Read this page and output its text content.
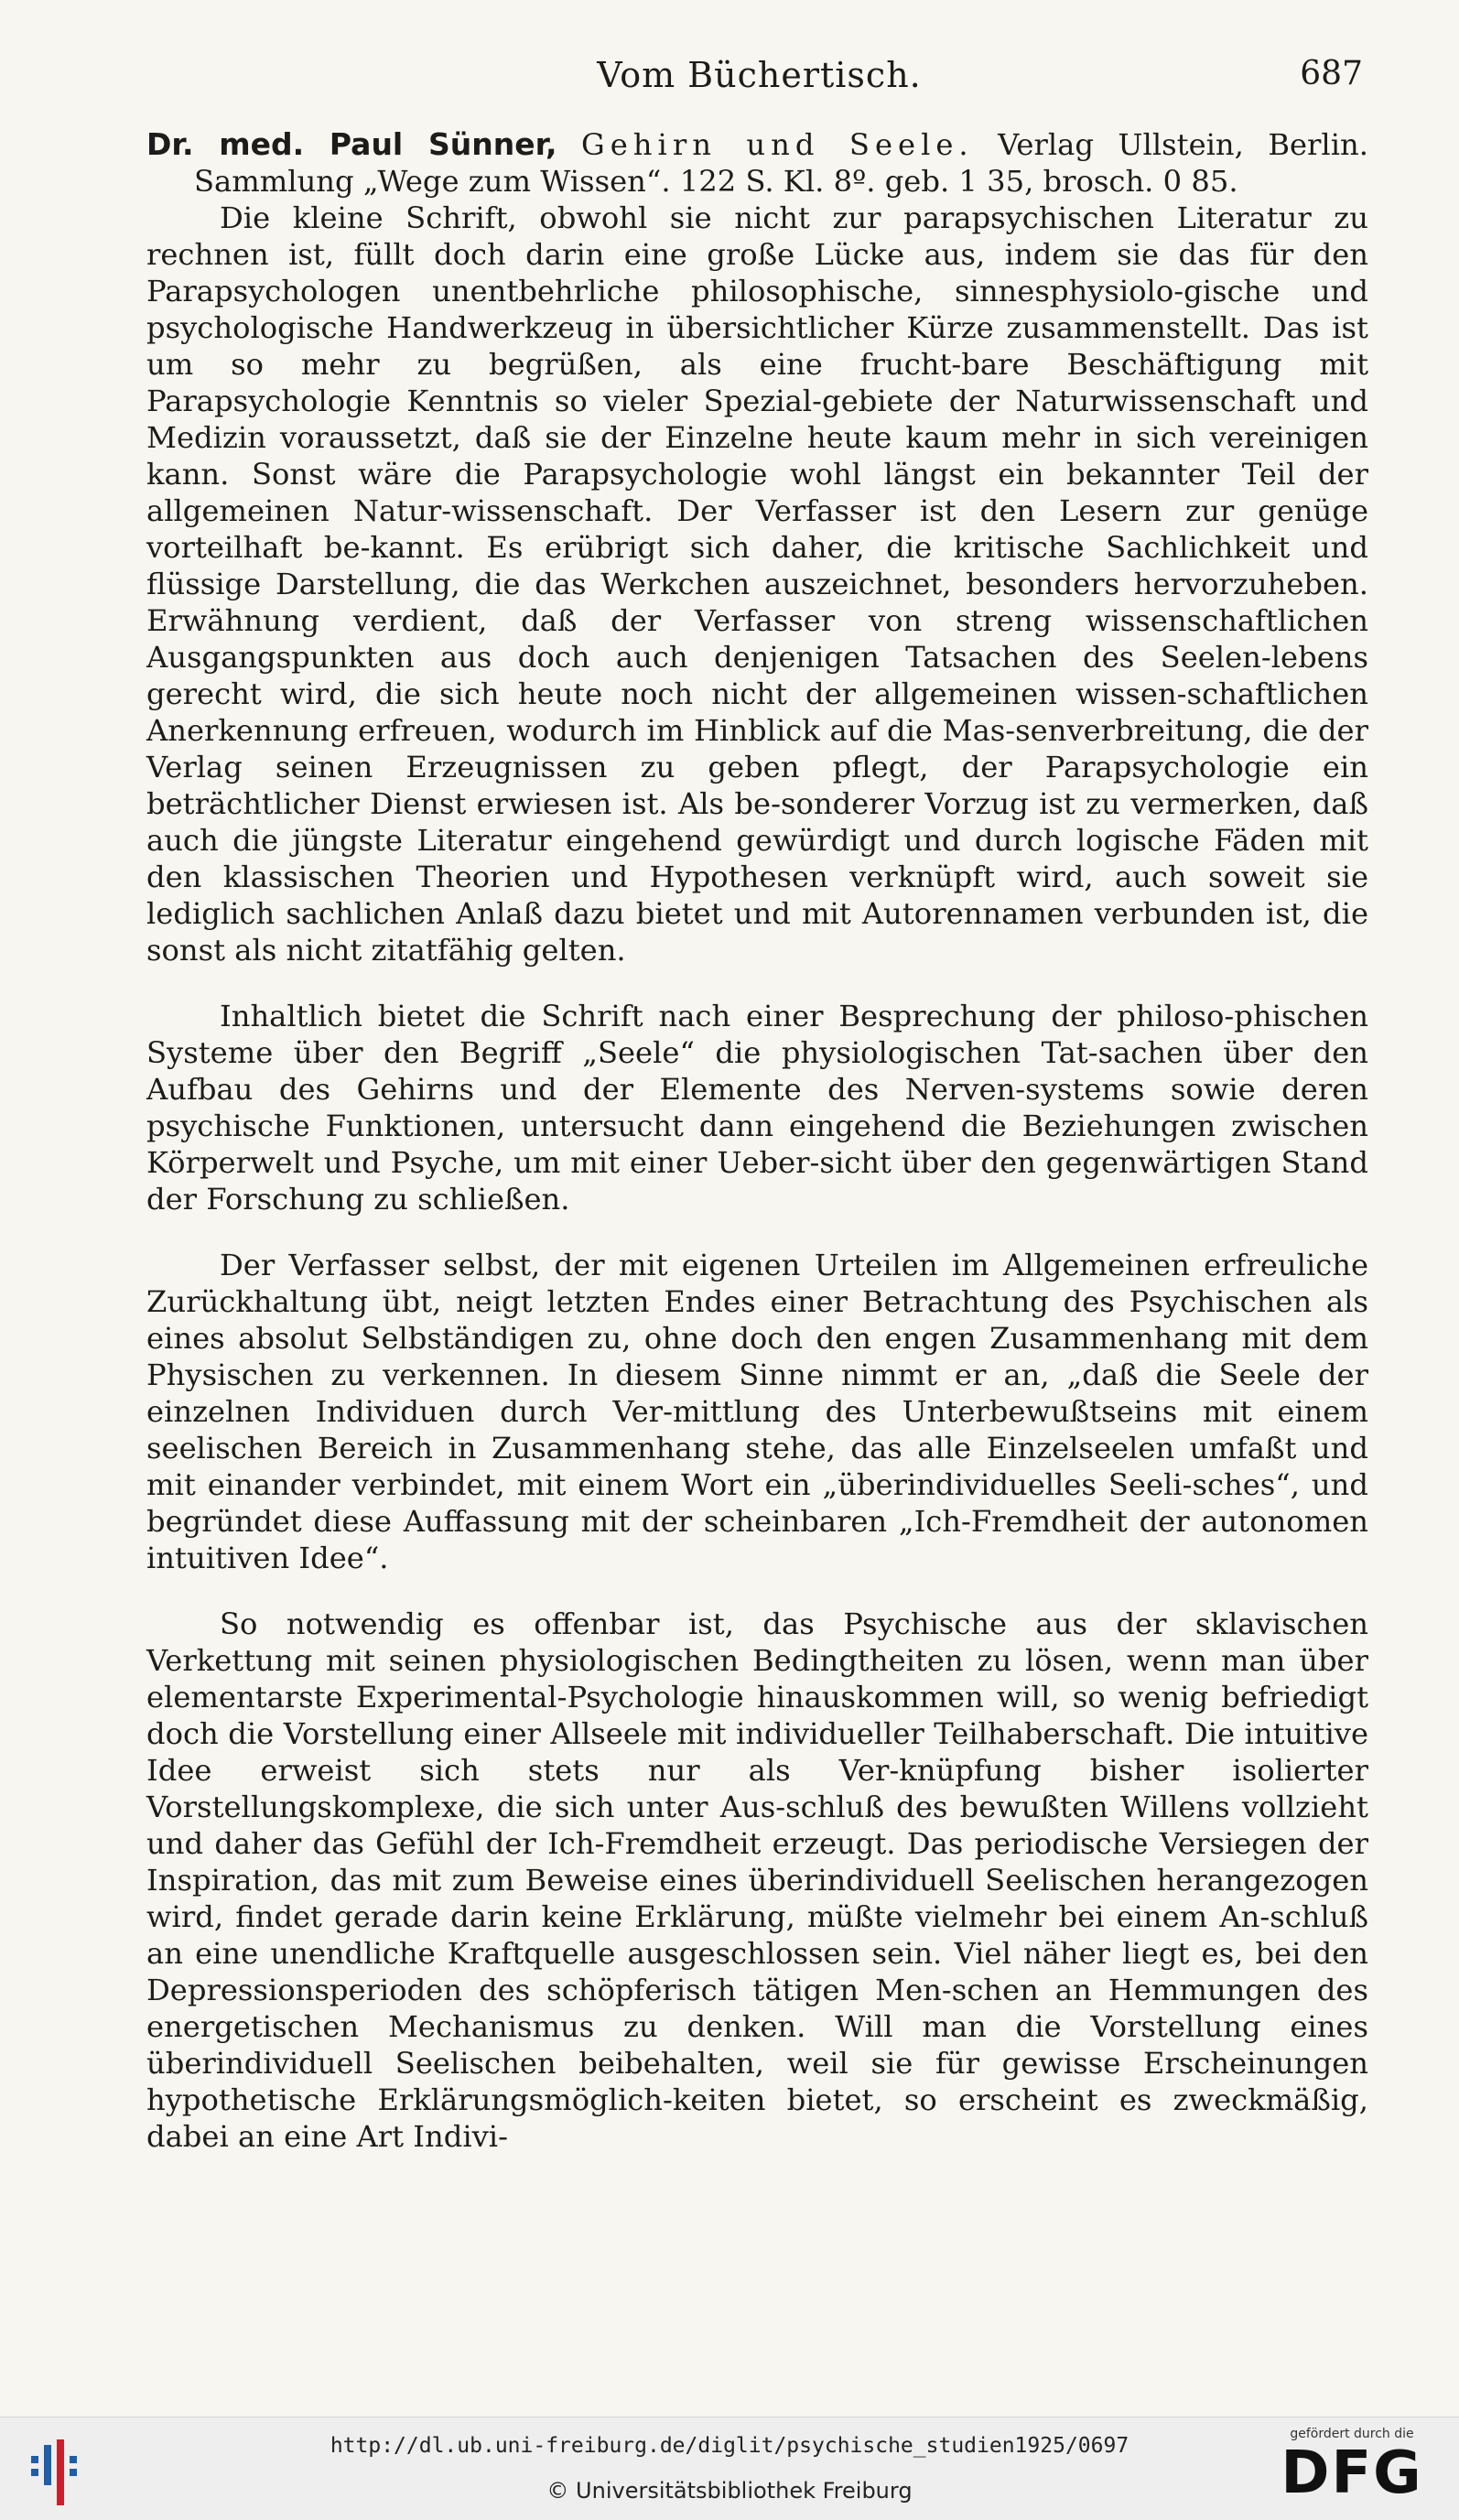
Vom Büchertisch.	687

Dr. med. Paul Sünner, Gehirn und Seele. Verlag Ullstein, Berlin. Sammlung „Wege zum Wissen“. 122 S. Kl. 8º. geb. 1 35, brosch. 0 85.

Die kleine Schrift, obwohl sie nicht zur parapsychischen Literatur zu rechnen ist, füllt doch darin eine große Lücke aus, indem sie das für den Parapsychologen unentbehrliche philosophische, sinnesphysiolo-gische und psychologische Handwerkzeug in übersichtlicher Kürze zusammenstellt. Das ist um so mehr zu begrüßen, als eine frucht-bare Beschäftigung mit Parapsychologie Kenntnis so vieler Spezial-gebiete der Naturwissenschaft und Medizin voraussetzt, daß sie der Einzelne heute kaum mehr in sich vereinigen kann. Sonst wäre die Parapsychologie wohl längst ein bekannter Teil der allgemeinen Natur-wissenschaft. Der Verfasser ist den Lesern zur genüge vorteilhaft be-kannt. Es erübrigt sich daher, die kritische Sachlichkeit und flüssige Darstellung, die das Werkchen auszeichnet, besonders hervorzuheben. Erwähnung verdient, daß der Verfasser von streng wissenschaftlichen Ausgangspunkten aus doch auch denjenigen Tatsachen des Seelen-lebens gerecht wird, die sich heute noch nicht der allgemeinen wissen-schaftlichen Anerkennung erfreuen, wodurch im Hinblick auf die Mas-senverbreitung, die der Verlag seinen Erzeugnissen zu geben pflegt, der Parapsychologie ein beträchtlicher Dienst erwiesen ist. Als be-sonderer Vorzug ist zu vermerken, daß auch die jüngste Literatur eingehend gewürdigt und durch logische Fäden mit den klassischen Theorien und Hypothesen verknüpft wird, auch soweit sie lediglich sachlichen Anlaß dazu bietet und mit Autorennamen verbunden ist, die sonst als nicht zitatfähig gelten.

Inhaltlich bietet die Schrift nach einer Besprechung der philoso-phischen Systeme über den Begriff „Seele“ die physiologischen Tat-sachen über den Aufbau des Gehirns und der Elemente des Nerven-systems sowie deren psychische Funktionen, untersucht dann eingehend die Beziehungen zwischen Körperwelt und Psyche, um mit einer Ueber-sicht über den gegenwärtigen Stand der Forschung zu schließen.

Der Verfasser selbst, der mit eigenen Urteilen im Allgemeinen erfreuliche Zurückhaltung übt, neigt letzten Endes einer Betrachtung des Psychischen als eines absolut Selbständigen zu, ohne doch den engen Zusammenhang mit dem Physischen zu verkennen. In diesem Sinne nimmt er an, „daß die Seele der einzelnen Individuen durch Ver-mittlung des Unterbewußtseins mit einem seelischen Bereich in Zusammenhang stehe, das alle Einzelseelen umfaßt und mit einander verbindet, mit einem Wort ein „überindividuelles Seeli-sches“, und begründet diese Auffassung mit der scheinbaren „Ich-Fremdheit der autonomen intuitiven Idee“.

So notwendig es offenbar ist, das Psychische aus der sklavischen Verkettung mit seinen physiologischen Bedingtheiten zu lösen, wenn man über elementarste Experimental-Psychologie hinauskommen will, so wenig befriedigt doch die Vorstellung einer Allseele mit individueller Teilhaberschaft. Die intuitive Idee erweist sich stets nur als Ver-knüpfung bisher isolierter Vorstellungskomplexe, die sich unter Aus-schluß des bewußten Willens vollzieht und daher das Gefühl der Ich-Fremdheit erzeugt. Das periodische Versiegen der Inspiration, das mit zum Beweise eines überindividuell Seelischen herangezogen wird, findet gerade darin keine Erklärung, müßte vielmehr bei einem An-schluß an eine unendliche Kraftquelle ausgeschlossen sein. Viel näher liegt es, bei den Depressionsperioden des schöpferisch tätigen Men-schen an Hemmungen des energetischen Mechanismus zu denken. Will man die Vorstellung eines überindividuell Seelischen beibehalten, weil sie für gewisse Erscheinungen hypothetische Erklärungsmöglich-keiten bietet, so erscheint es zweckmäßig, dabei an eine Art Indivi-

http://dl.ub.uni-freiburg.de/diglit/psychische_studien1925/0697
© Universitätsbibliothek Freiburg
gefördert durch die
DFG
